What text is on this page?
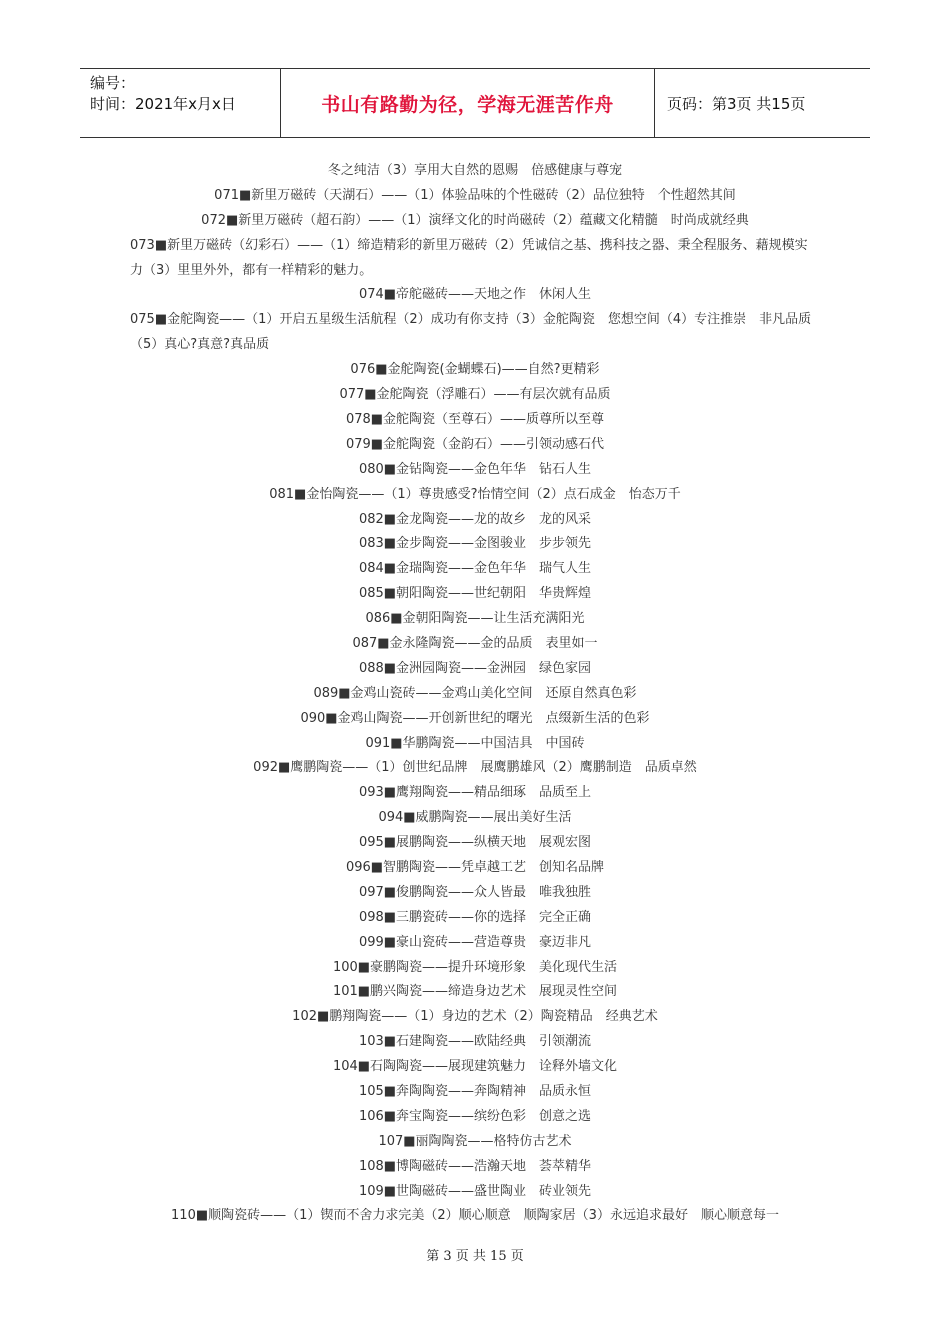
编号：
时间：2021年x月x日	书山有路勤为径，学海无涯苦作舟	页码：第3页 共15页
冬之纯洁（3）享用大自然的恩赐　倍感健康与尊宠
071■新里万磁砖（天湖石）——（1）体验品味的个性磁砖（2）品位独特　个性超然其间
072■新里万磁砖（超石韵）——（1）演绎文化的时尚磁砖（2）蕴藏文化精髓　时尚成就经典
073■新里万磁砖（幻彩石）——（1）缔造精彩的新里万磁砖（2）凭诚信之基、携科技之器、秉全程服务、藉规模实力（3）里里外外，都有一样精彩的魅力。
074■帝舵磁砖——天地之作　休闲人生
075■金舵陶瓷——（1）开启五星级生活航程（2）成功有你支持（3）金舵陶瓷　您想空间（4）专注推崇　非凡品质（5）真心?真意?真品质
076■金舵陶瓷(金蝴蝶石)——自然?更精彩
077■金舵陶瓷（浮雕石）——有层次就有品质
078■金舵陶瓷（至尊石）——质尊所以至尊
079■金舵陶瓷（金韵石）——引领动感石代
080■金钻陶瓷——金色年华　钻石人生
081■金怡陶瓷——（1）尊贵感受?怡情空间（2）点石成金　怡态万千
082■金龙陶瓷——龙的故乡　龙的风采
083■金步陶瓷——金图骏业　步步领先
084■金瑞陶瓷——金色年华　瑞气人生
085■朝阳陶瓷——世纪朝阳　华贵辉煌
086■金朝阳陶瓷——让生活充满阳光
087■金永隆陶瓷——金的品质　表里如一
088■金洲园陶瓷——金洲园　绿色家园
089■金鸡山瓷砖——金鸡山美化空间　还原自然真色彩
090■金鸡山陶瓷——开创新世纪的曙光　点缀新生活的色彩
091■华鹏陶瓷——中国洁具　中国砖
092■鹰鹏陶瓷——（1）创世纪品牌　展鹰鹏雄风（2）鹰鹏制造　品质卓然
093■鹰翔陶瓷——精品细琢　品质至上
094■威鹏陶瓷——展出美好生活
095■展鹏陶瓷——纵横天地　展观宏图
096■智鹏陶瓷——凭卓越工艺　创知名品牌
097■俊鹏陶瓷——众人皆最　唯我独胜
098■三鹏瓷砖——你的选择　完全正确
099■豪山瓷砖——营造尊贵　豪迈非凡
100■豪鹏陶瓷——提升环境形象　美化现代生活
101■鹏兴陶瓷——缔造身边艺术　展现灵性空间
102■鹏翔陶瓷——（1）身边的艺术（2）陶瓷精品　经典艺术
103■石建陶瓷——欧陆经典　引领潮流
104■石陶陶瓷——展现建筑魅力　诠释外墙文化
105■奔陶陶瓷——奔陶精神　品质永恒
106■奔宝陶瓷——缤纷色彩　创意之选
107■丽陶陶瓷——格特仿古艺术
108■博陶磁砖——浩瀚天地　荟萃精华
109■世陶磁砖——盛世陶业　砖业领先
110■顺陶瓷砖——（1）锲而不舍力求完美（2）顺心顺意　顺陶家居（3）永远追求最好　顺心顺意每一
第 3 页 共 15 页
